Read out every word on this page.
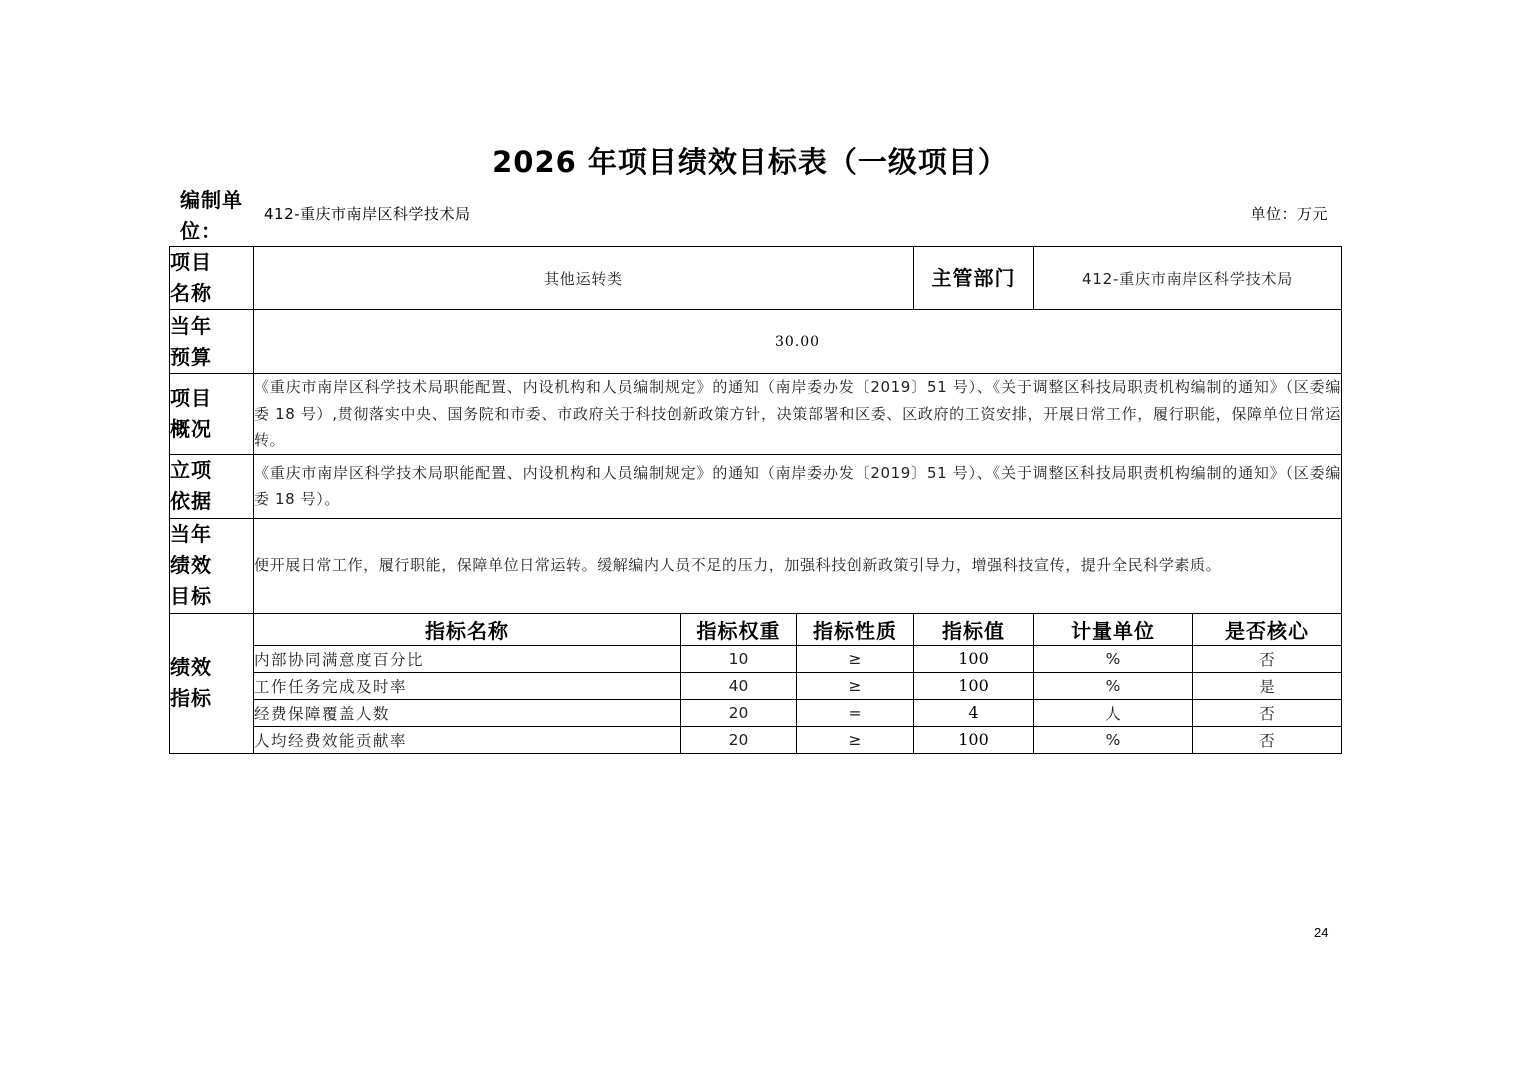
2026 年项目绩效目标表（一级项目）
编制单位：
412-重庆市南岸区科学技术局	单位：万元
项目名称	其他运转类			主管部门	412-重庆市南岸区科学技术局	

当年预算	30.00					

项目概况	《重庆市南岸区科学技术局职能配置、内设机构和人员编制规定》的通知（南岸委办发〔2019〕51 号）、《关于调整区科技局职责机构编制的通知》（区委编委 18 号）,贯彻落实中央、国务院和市委、市政府关于科技创新政策方针，决策部署和区委、区政府的工资安排，开展日常工作，履行职能，保障单位日常运转。					

立项依据	《重庆市南岸区科学技术局职能配置、内设机构和人员编制规定》的通知（南岸委办发〔2019〕51 号）、《关于调整区科技局职责机构编制的通知》（区委编委 18 号）。					

当年绩效目标	便开展日常工作，履行职能，保障单位日常运转。缓解编内人员不足的压力，加强科技创新政策引导力，增强科技宣传，提升全民科学素质。					

绩效指标	指标名称	指标权重	指标性质	指标值	计量单位	是否核心
	内部协同满意度百分比	10	≥	100	%	否
	工作任务完成及时率	40	≥	100	%	是
	经费保障覆盖人数	20	=	4	人	否
	人均经费效能贡献率	20	≥	100	%	否
24
